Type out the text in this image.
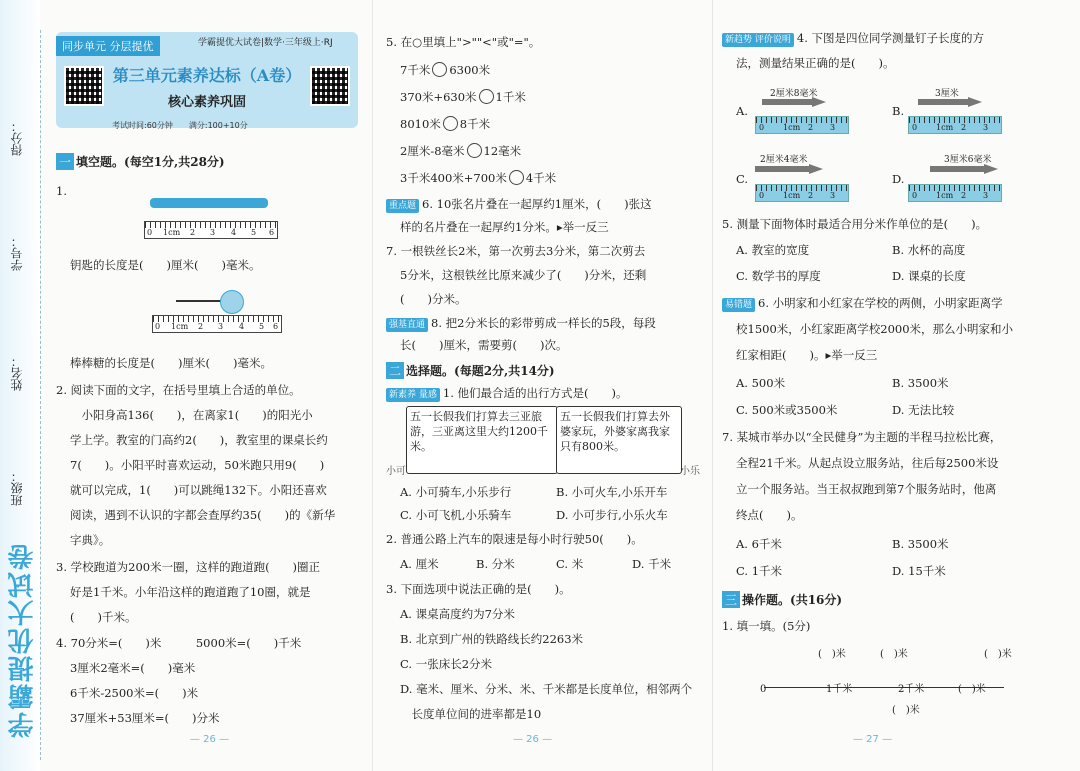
学霸提优大试卷
得分：
学号：
姓名：
班级：
同步单元 分层提优	学霸提优大试卷|数学·三年级上·RJ
第三单元素养达标（A卷）
核心素养巩固
考试时间:60分钟　　 满分:100+10分
一 填空题。(每空1分,共28分)
1.
0 1cm 2 3 4 5 6
钥匙的长度是(　　)厘米(　　)毫米。
0 1cm 2 3 4 5 6
棒棒糖的长度是(　　)厘米(　　)毫米。
2. 阅读下面的文字，在括号里填上合适的单位。
　小阳身高136(　　)，在离家1(　　)的阳光小
学上学。教室的门高约2(　　)，教室里的课桌长约
7(　　)。小阳平时喜欢运动，50米跑只用9(　　)
就可以完成，1(　　)可以跳绳132下。小阳还喜欢
阅读，遇到不认识的字都会查厚约35(　　)的《新华
字典》。
3. 学校跑道为200米一圈，这样的跑道跑(　　)圈正
好是1千米。小年沿这样的跑道跑了10圈，就是
(　　)千米。
4. 70分米=(　　)米　　　5000米=(　　)千米
3厘米2毫米=(　　)毫米
6千米-2500米=(　　)米
37厘米+53厘米=(　　)分米
— 26 —	— 26 —
5. 在○里填上">""<"或"="。
7千米 6300米
370米+630米 1千米
8010米 8千米
2厘米-8毫米 12毫米
3千米400米+700米 4千米
重点题 6. 10张名片叠在一起厚约1厘米，(　　)张这
样的名片叠在一起厚约1分米。▸举一反三
7. 一根铁丝长2米，第一次剪去3分米，第二次剪去
5分米，这根铁丝比原来减少了(　　)分米，还剩
(　　)分米。
强基直通 8. 把2分米长的彩带剪成一样长的5段，每段
长(　　)厘米，需要剪(　　)次。
二 选择题。(每题2分,共14分)
新素养 量感 1. 他们最合适的出行方式是(　　)。
五一长假我们打算去三亚旅游，三亚离这里大约1200千米。
五一长假我们打算去外婆家玩，外婆家离我家只有800米。
小可	小乐
A. 小可骑车,小乐步行	B. 小可火车,小乐开车
C. 小可飞机,小乐骑车	D. 小可步行,小乐火车
2. 普通公路上汽车的限速是每小时行驶50(　　)。
A. 厘米	B. 分米	C. 米	D. 千米
3. 下面选项中说法正确的是(　　)。
A. 课桌高度约为7分米
B. 北京到广州的铁路线长约2263米
C. 一张床长2分米
D. 毫米、厘米、分米、米、千米都是长度单位，相邻两个
　长度单位间的进率都是10
— 27 —
新趋势 评价说明 4. 下图是四位同学测量钉子长度的方
法，测量结果正确的是(　　)。
A.
2厘米8毫米
0 1cm 2 3
B.
3厘米
0 1cm 2 3
C.
2厘米4毫米
0 1cm 2 3
D.
3厘米6毫米
0 1cm 2 3
5. 测量下面物体时最适合用分米作单位的是(　　)。
A. 教室的宽度	B. 水杯的高度
C. 数学书的厚度	D. 课桌的长度
易错题 6. 小明家和小红家在学校的两侧，小明家距离学
校1500米，小红家距离学校2000米，那么小明家和小
红家相距(　　)。▸举一反三
A. 500米	B. 3500米
C. 500米或3500米	D. 无法比较
7. 某城市举办以“全民健身”为主题的半程马拉松比赛，
全程21千米。从起点设立服务站，往后每2500米设
立一个服务站。当王叔叔跑到第7个服务站时，他离
终点(　　)。
A. 6千米	B. 3500米
C. 1千米	D. 15千米
三 操作题。(共16分)
1. 填一填。(5分)
(　)米	(　)米	(　)米
0	1千米	2千米	(　)米
(　)米
